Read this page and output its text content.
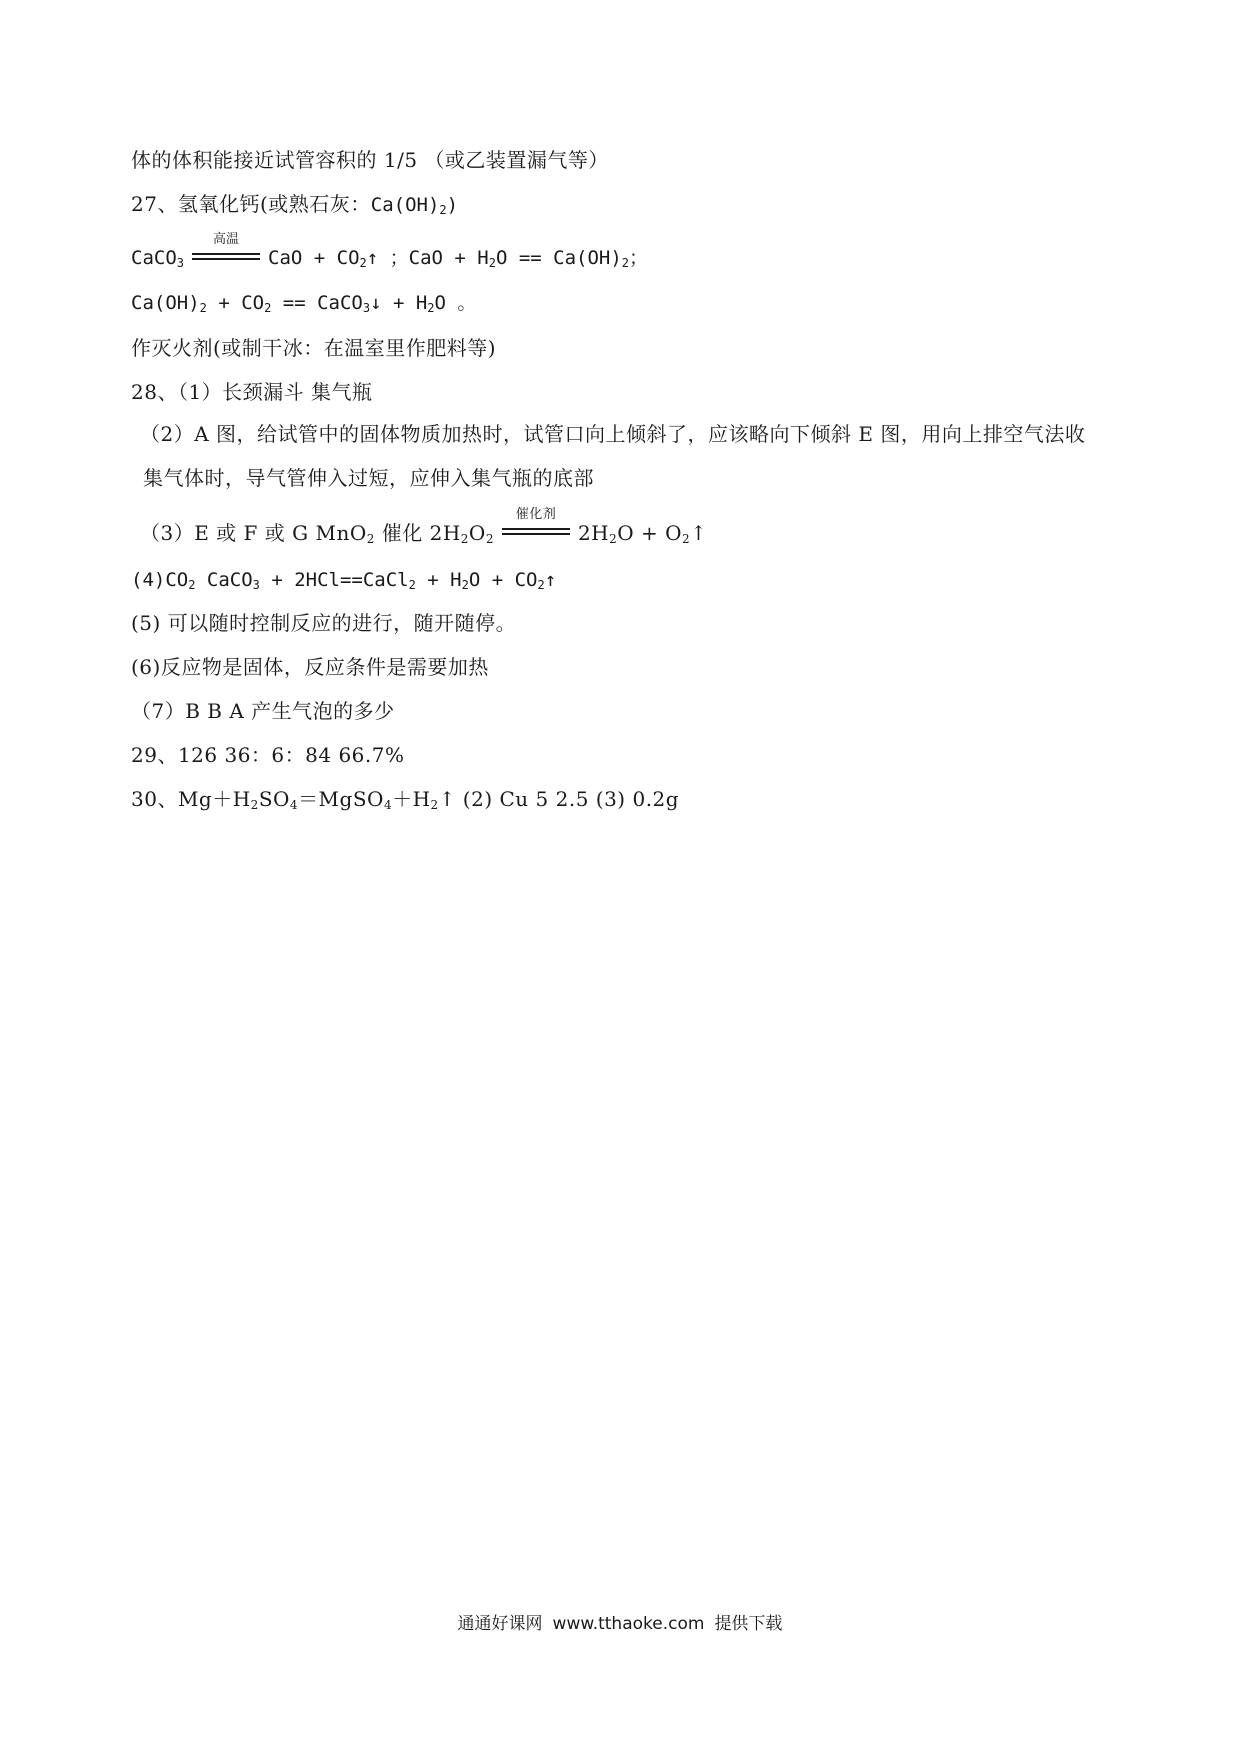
体的体积能接近试管容积的 1/5 （或乙装置漏气等）
27、氢氧化钙(或熟石灰：$Ca(OH)_2$)
CaCO$_3$
高温
CaO + $CO_2↑$ ；CaO + $H_2O == Ca(OH)_2$；
$Ca(OH)_2 + CO_2$ == CaCO$_3$↓ + $H_2O$ 。
作灭火剂(或制干冰：在温室里作肥料等)
28、（1）长颈漏斗 集气瓶
（2）A 图，给试管中的固体物质加热时，试管口向上倾斜了，应该略向下倾斜 E 图，用向上排空气法收
集气体时，导气管伸入过短，应伸入集气瓶的底部
（3）E 或 F 或 G MnO$_2$ 催化 $2H_2O_2$
催化剂
$2H_2O$ + $O_2↑$
$(4)CO_2$ CaCO$_3$ + 2HCl==CaCl$_2$ + $H_2O$ + $CO_2↑$
(5) 可以随时控制反应的进行，随开随停。
(6)反应物是固体，反应条件是需要加热
（7）B B A 产生气泡的多少
29、126 36：6：84 66.7%
30、$Mg+H_2SO_4=MgSO_4+H_2↑$ (2) Cu 5 2.5 (3) 0.2g
通通好课网 www.tthaoke.com 提供下载
